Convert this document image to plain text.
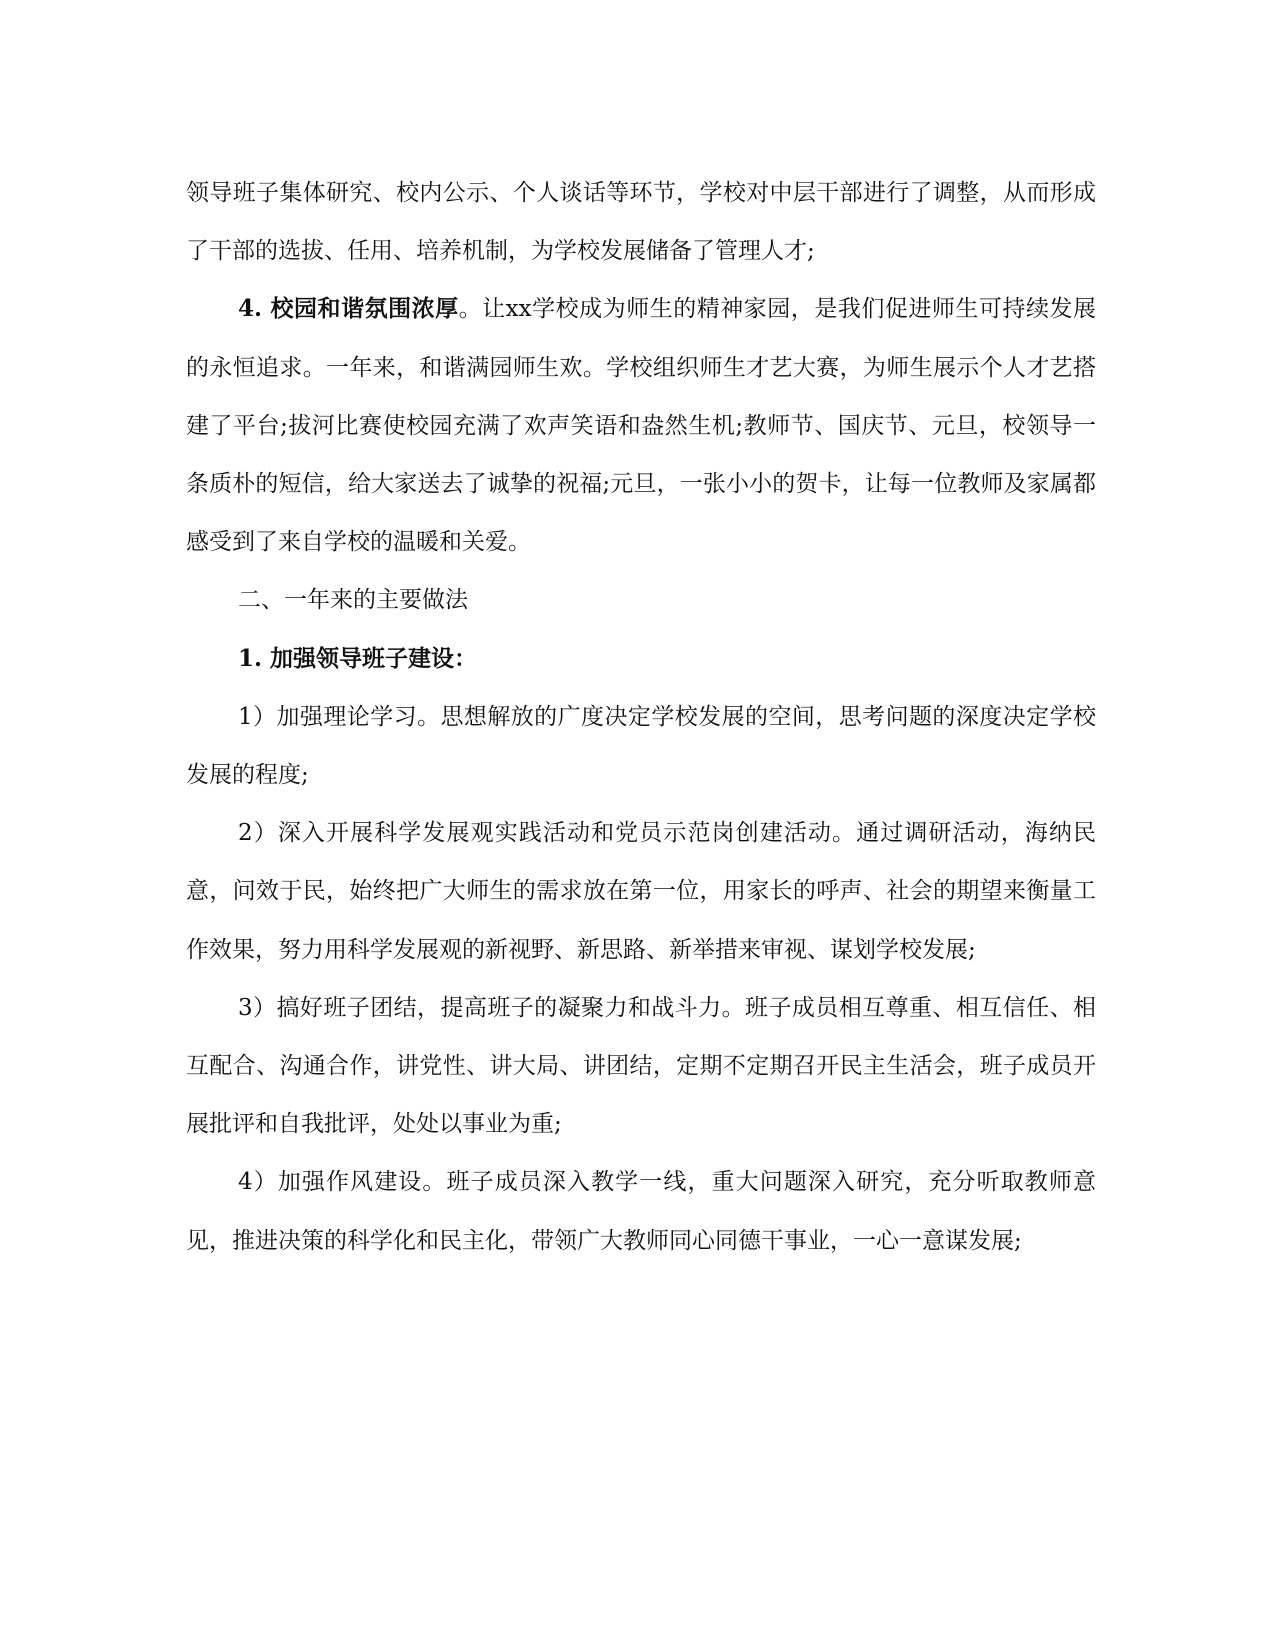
领导班子集体研究、校内公示、个人谈话等环节，学校对中层干部进行了调整，从而形成了干部的选拔、任用、培养机制，为学校发展储备了管理人才;

4. 校园和谐氛围浓厚。让xx学校成为师生的精神家园，是我们促进师生可持续发展的永恒追求。一年来，和谐满园师生欢。学校组织师生才艺大赛，为师生展示个人才艺搭建了平台;拔河比赛使校园充满了欢声笑语和盎然生机;教师节、国庆节、元旦，校领导一条质朴的短信，给大家送去了诚挚的祝福;元旦，一张小小的贺卡，让每一位教师及家属都感受到了来自学校的温暖和关爱。

二、一年来的主要做法

1. 加强领导班子建设：

1）加强理论学习。思想解放的广度决定学校发展的空间，思考问题的深度决定学校发展的程度;

2）深入开展科学发展观实践活动和党员示范岗创建活动。通过调研活动，海纳民意，问效于民，始终把广大师生的需求放在第一位，用家长的呼声、社会的期望来衡量工作效果，努力用科学发展观的新视野、新思路、新举措来审视、谋划学校发展;

3）搞好班子团结，提高班子的凝聚力和战斗力。班子成员相互尊重、相互信任、相互配合、沟通合作，讲党性、讲大局、讲团结，定期不定期召开民主生活会，班子成员开展批评和自我批评，处处以事业为重;

4）加强作风建设。班子成员深入教学一线，重大问题深入研究，充分听取教师意见，推进决策的科学化和民主化，带领广大教师同心同德干事业，一心一意谋发展;
